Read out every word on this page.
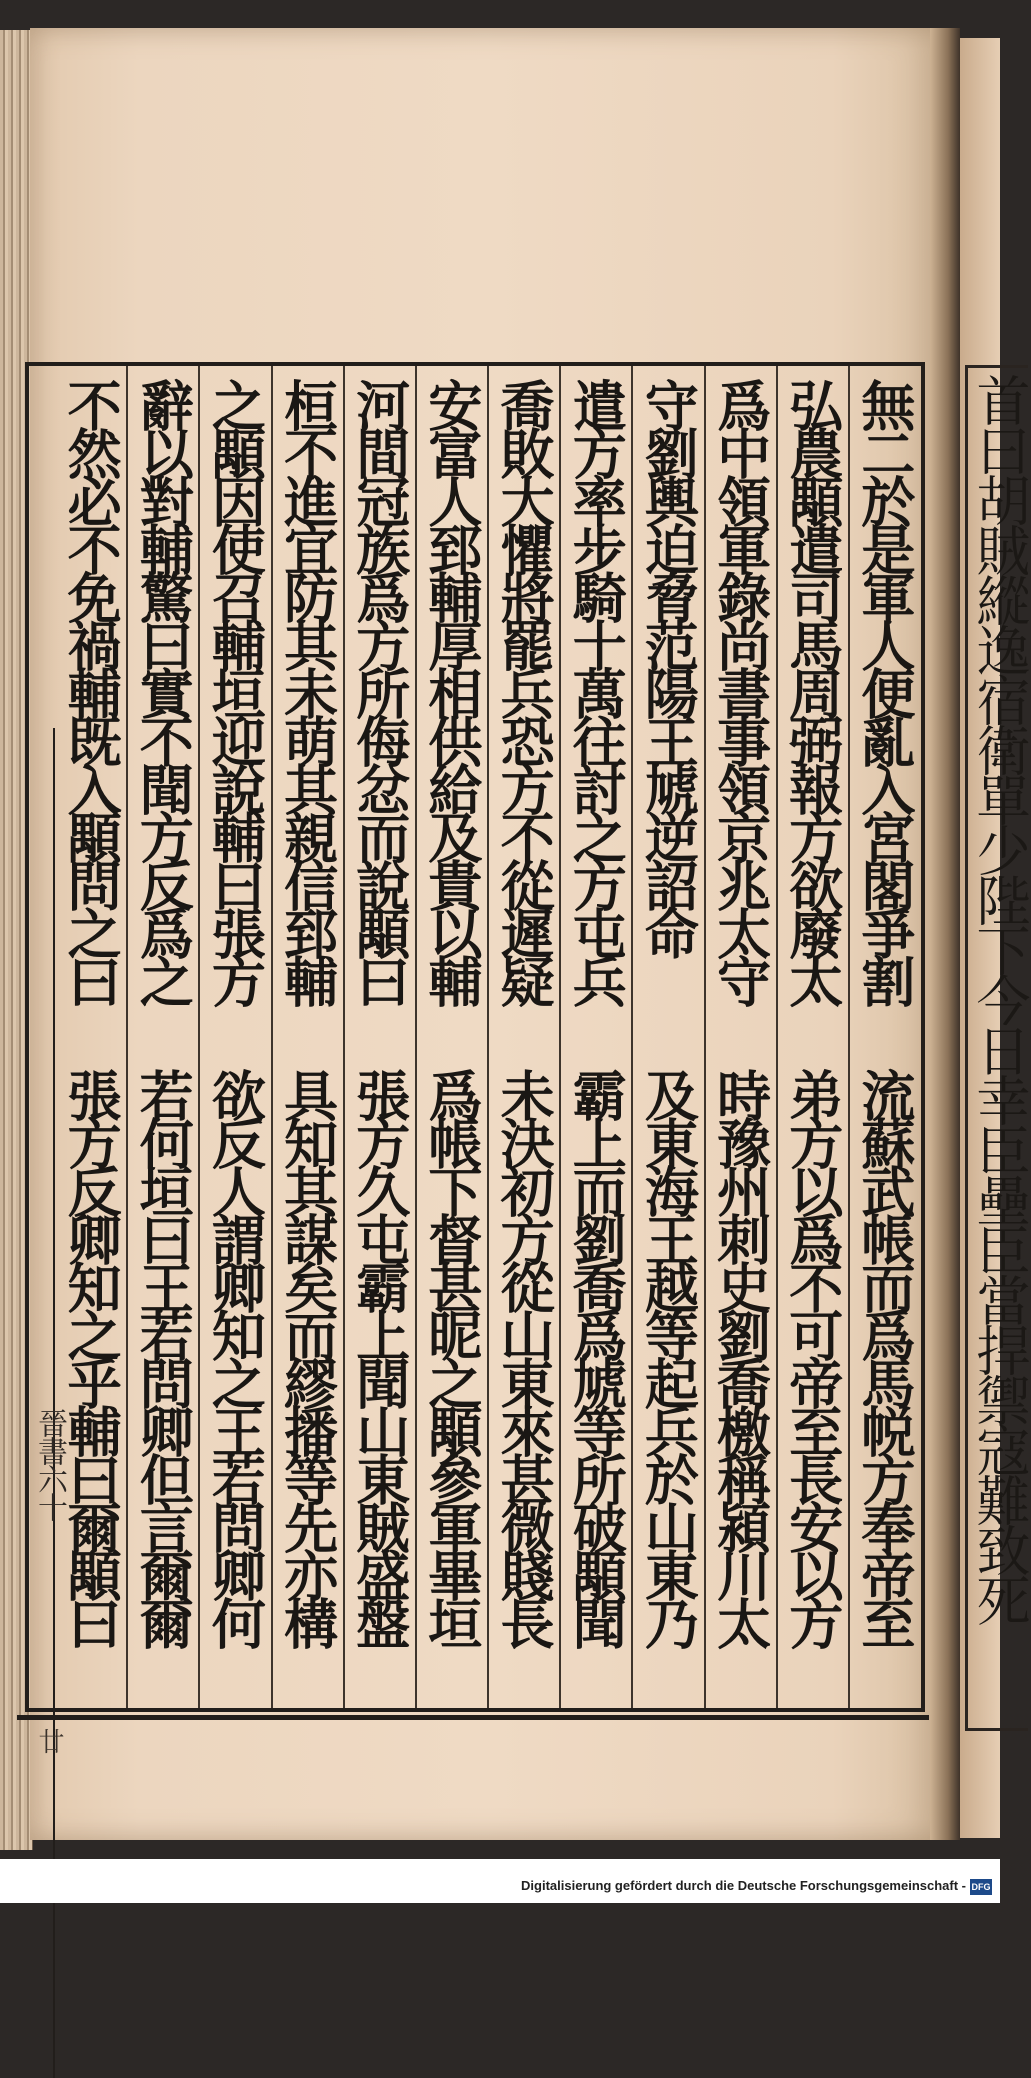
首曰胡賊縱逸宿衛單少陛下今日幸臣壘臣當捍禦寇難致死
晉書六十
廿
無二於是軍人便亂入宮閣爭割
流蘇武帳而爲馬帨方奉帝至
弘農顒遣司馬周弼報方欲廢太
弟方以爲不可帝至長安以方
爲中領軍錄尚書事領京兆太守
時豫州刺史劉喬檄稱潁川太
守劉輿迫脅范陽王虓逆詔命
及東海王越等起兵於山東乃
遣方率步騎十萬往討之方屯兵
霸上而劉喬爲虓等所破顒聞
喬敗大懼將罷兵恐方不從遲疑
未決初方從山東來甚微賤長
安富人郅輔厚相供給及貴以輔
爲帳下督甚昵之顒參軍畢垣
河間冠族爲方所侮忿而說顒曰
張方久屯霸上聞山東賊盛盤
桓不進宜防其未萌其親信郅輔
具知其謀矣而繆播等先亦構
之顒因使召輔垣迎說輔曰張方
欲反人謂卿知之王若問卿何
辭以對輔驚曰實不聞方反爲之
若何垣曰王若問卿但言爾爾
不然必不免禍輔既入顒問之曰
張方反卿知之乎輔曰爾顒曰
Digitalisierung gefördert durch die Deutsche Forschungsgemeinschaft - DFG
